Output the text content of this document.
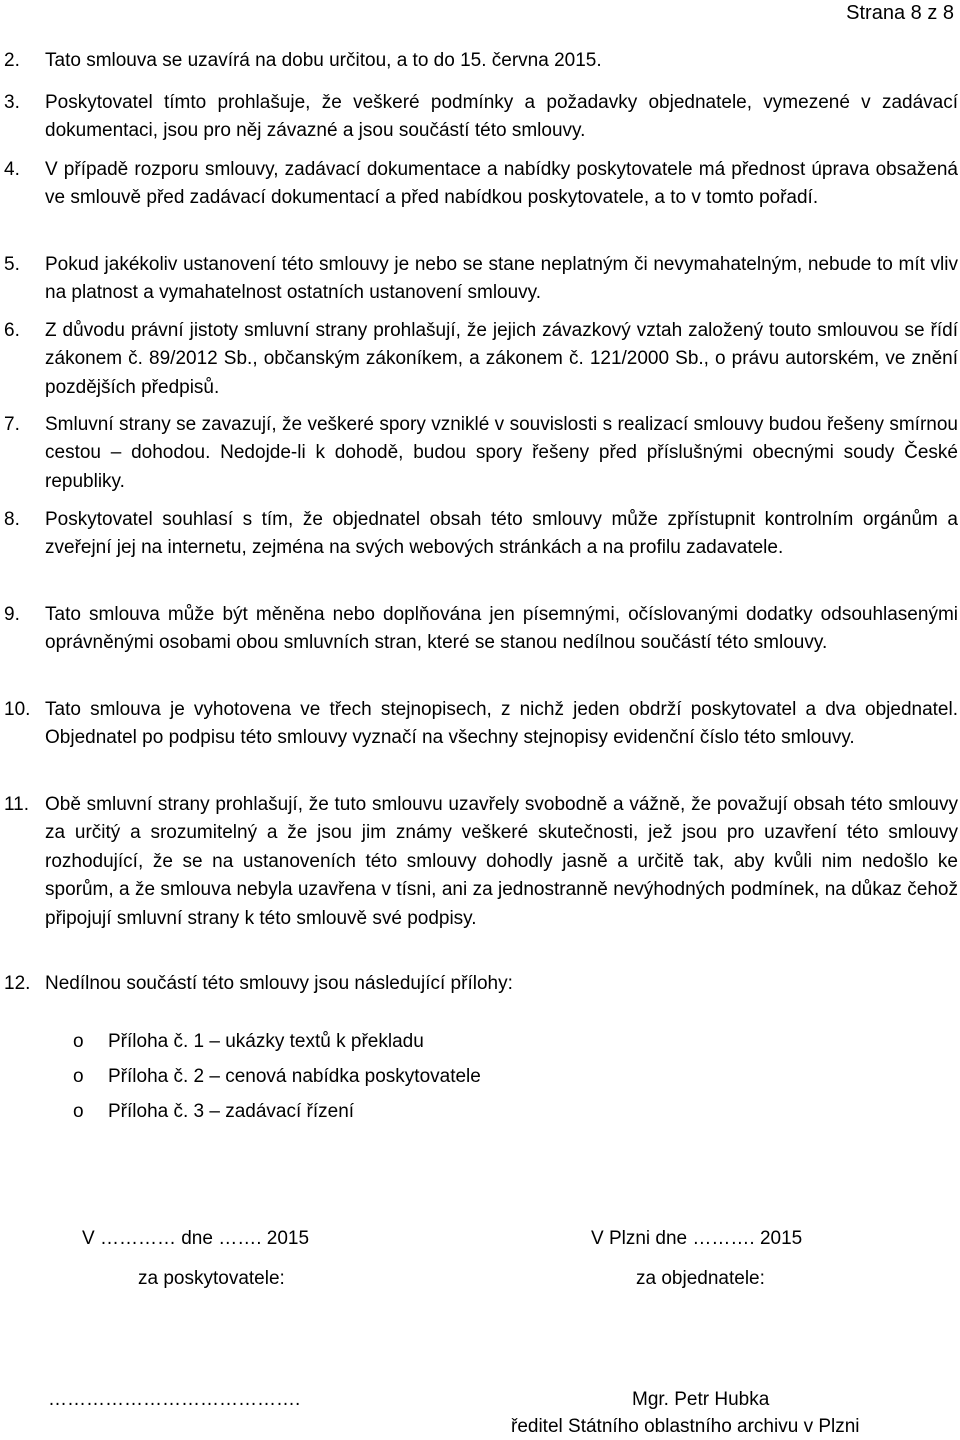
Strana 8 z 8
2. Tato smlouva se uzavírá na dobu určitou, a to do 15. června 2015.
3. Poskytovatel tímto prohlašuje, že veškeré podmínky a požadavky objednatele, vymezené v zadávací dokumentaci, jsou pro něj závazné a jsou součástí této smlouvy.
4. V případě rozporu smlouvy, zadávací dokumentace a nabídky poskytovatele má přednost úprava obsažená ve smlouvě před zadávací dokumentací a před nabídkou poskytovatele, a to v tomto pořadí.
5. Pokud jakékoliv ustanovení této smlouvy je nebo se stane neplatným či nevymahatelným, nebude to mít vliv na platnost a vymahatelnost ostatních ustanovení smlouvy.
6. Z důvodu právní jistoty smluvní strany prohlašují, že jejich závazkový vztah založený touto smlouvou se řídí zákonem č. 89/2012 Sb., občanským zákoníkem, a zákonem č. 121/2000 Sb., o právu autorském, ve znění pozdějších předpisů.
7. Smluvní strany se zavazují, že veškeré spory vzniklé v souvislosti s realizací smlouvy budou řešeny smírnou cestou – dohodou. Nedojde-li k dohodě, budou spory řešeny před příslušnými obecnými soudy České republiky.
8. Poskytovatel souhlasí s tím, že objednatel obsah této smlouvy může zpřístupnit kontrolním orgánům a zveřejní jej na internetu, zejména na svých webových stránkách a na profilu zadavatele.
9. Tato smlouva může být měněna nebo doplňována jen písemnými, očíslovanými dodatky odsouhlasenými oprávněnými osobami obou smluvních stran, které se stanou nedílnou součástí této smlouvy.
10. Tato smlouva je vyhotovena ve třech stejnopisech, z nichž jeden obdrží poskytovatel a dva objednatel. Objednatel po podpisu této smlouvy vyznačí na všechny stejnopisy evidenční číslo této smlouvy.
11. Obě smluvní strany prohlašují, že tuto smlouvu uzavřely svobodně a vážně, že považují obsah této smlouvy za určitý a srozumitelný a že jsou jim známy veškeré skutečnosti, jež jsou pro uzavření této smlouvy rozhodující, že se na ustanoveních této smlouvy dohodly jasně a určitě tak, aby kvůli nim nedošlo ke sporům, a že smlouva nebyla uzavřena v tísni, ani za jednostranně nevýhodných podmínek, na důkaz čehož připojují smluvní strany k této smlouvě své podpisy.
12. Nedílnou součástí této smlouvy jsou následující přílohy:
o Příloha č. 1 – ukázky textů k překladu
o Příloha č. 2 – cenová nabídka poskytovatele
o Příloha č. 3 – zadávací řízení
V ………… dne ……. 2015	V Plzni dne ………. 2015
za poskytovatele:	za objednatele:
………………………………….	Mgr. Petr Hubka
ředitel Státního oblastního archivu v Plzni
